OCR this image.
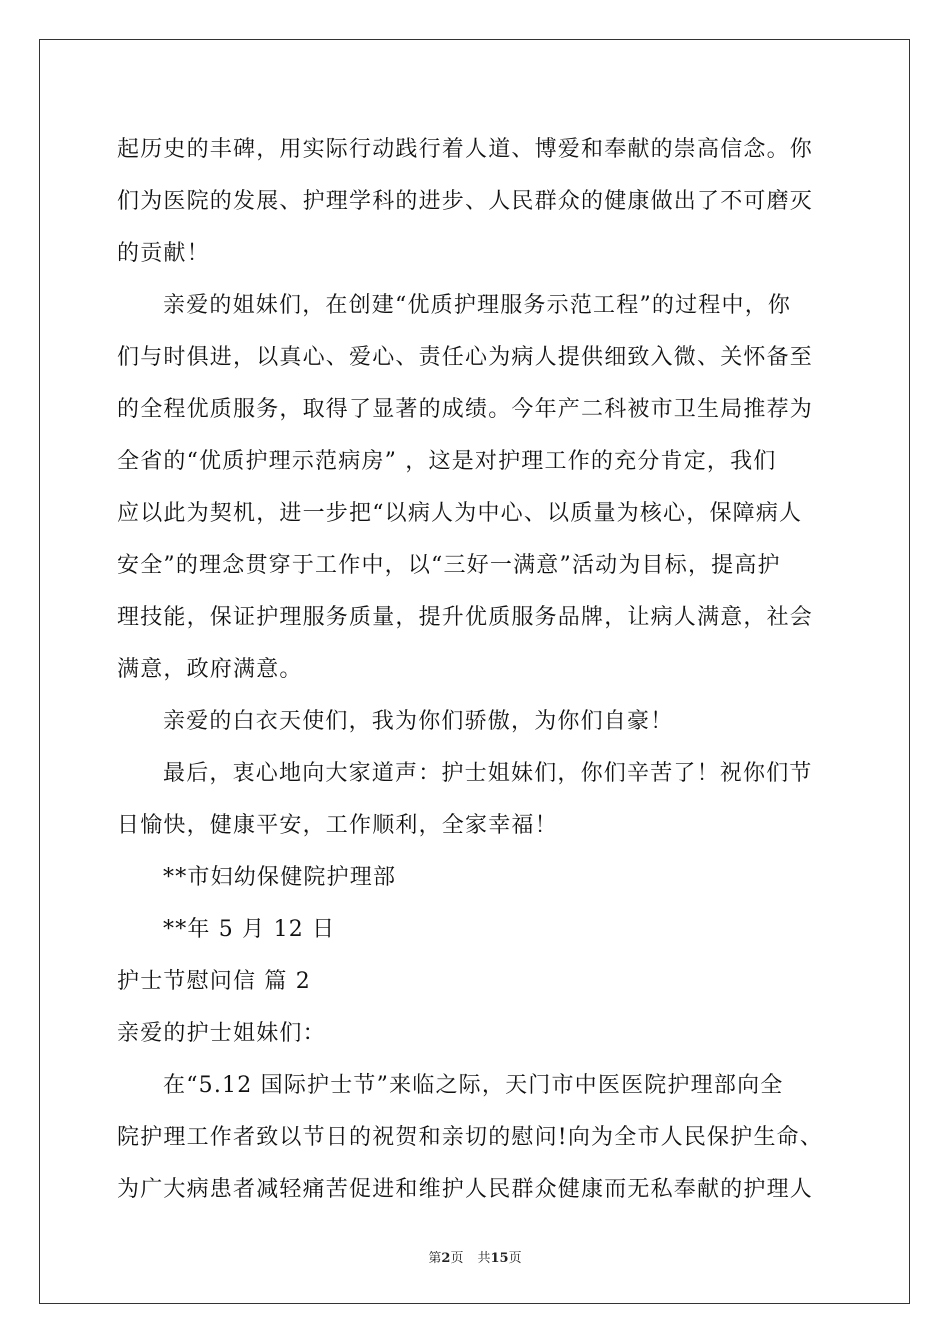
起历史的丰碑，用实际行动践行着人道、博爱和奉献的崇高信念。你
们为医院的发展、护理学科的进步、人民群众的健康做出了不可磨灭
的贡献！
亲爱的姐妹们，在创建“优质护理服务示范工程”的过程中，你
们与时俱进，以真心、爱心、责任心为病人提供细致入微、关怀备至
的全程优质服务，取得了显著的成绩。今年产二科被市卫生局推荐为
全省的“优质护理示范病房” ，这是对护理工作的充分肯定，我们
应以此为契机，进一步把“以病人为中心、以质量为核心，保障病人
安全”的理念贯穿于工作中，以“三好一满意”活动为目标，提高护
理技能，保证护理服务质量，提升优质服务品牌，让病人满意，社会
满意，政府满意。
亲爱的白衣天使们，我为你们骄傲，为你们自豪！
最后，衷心地向大家道声：护士姐妹们，你们辛苦了！祝你们节
日愉快，健康平安，工作顺利，全家幸福！
**市妇幼保健院护理部
**年 5 月 12 日
护士节慰问信 篇 2
亲爱的护士姐妹们：
在“5.12 国际护士节”来临之际，天门市中医医院护理部向全
院护理工作者致以节日的祝贺和亲切的慰问!向为全市人民保护生命、
为广大病患者减轻痛苦促进和维护人民群众健康而无私奉献的护理人
第2页 共15页
